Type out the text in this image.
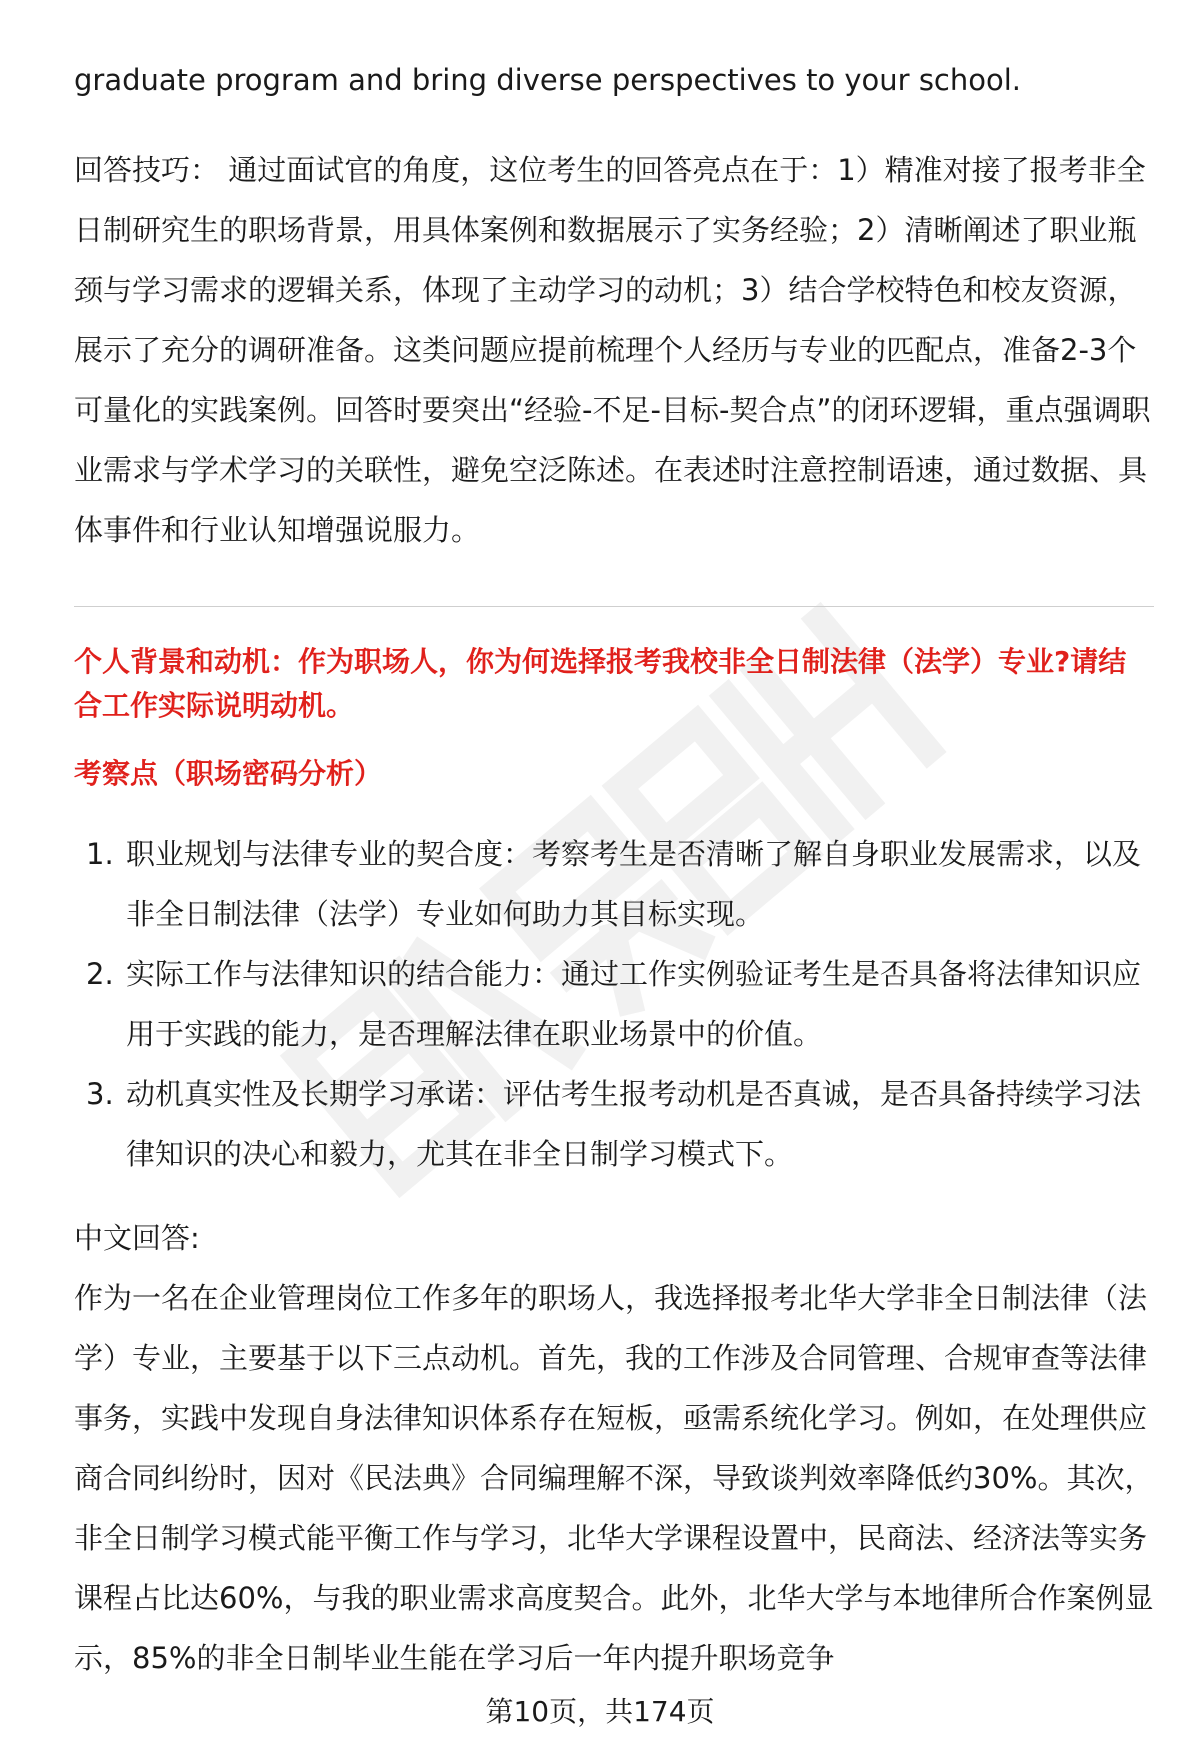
graduate program and bring diverse perspectives to your school.

回答技巧： 通过面试官的角度，这位考生的回答亮点在于：1）精准对接了报考非全日制研究生的职场背景，用具体案例和数据展示了实务经验；2）清晰阐述了职业瓶颈与学习需求的逻辑关系，体现了主动学习的动机；3）结合学校特色和校友资源，展示了充分的调研准备。这类问题应提前梳理个人经历与专业的匹配点，准备2-3个可量化的实践案例。回答时要突出“经验-不足-目标-契合点”的闭环逻辑，重点强调职业需求与学术学习的关联性，避免空泛陈述。在表述时注意控制语速，通过数据、具体事件和行业认知增强说服力。

个人背景和动机：作为职场人，你为何选择报考我校非全日制法律（法学）专业?请结合工作实际说明动机。

考察点（职场密码分析）

1. 职业规划与法律专业的契合度：考察考生是否清晰了解自身职业发展需求，以及非全日制法律（法学）专业如何助力其目标实现。
2. 实际工作与法律知识的结合能力：通过工作实例验证考生是否具备将法律知识应用于实践的能力，是否理解法律在职业场景中的价值。
3. 动机真实性及长期学习承诺：评估考生报考动机是否真诚，是否具备持续学习法律知识的决心和毅力，尤其在非全日制学习模式下。

中文回答:

作为一名在企业管理岗位工作多年的职场人，我选择报考北华大学非全日制法律（法学）专业，主要基于以下三点动机。首先，我的工作涉及合同管理、合规审查等法律事务，实践中发现自身法律知识体系存在短板，亟需系统化学习。例如，在处理供应商合同纠纷时，因对《民法典》合同编理解不深，导致谈判效率降低约30%。其次，非全日制学习模式能平衡工作与学习，北华大学课程设置中，民商法、经济法等实务课程占比达60%，与我的职业需求高度契合。此外，北华大学与本地律所合作案例显示，85%的非全日制毕业生能在学习后一年内提升职场竞争

第10页，共174页
